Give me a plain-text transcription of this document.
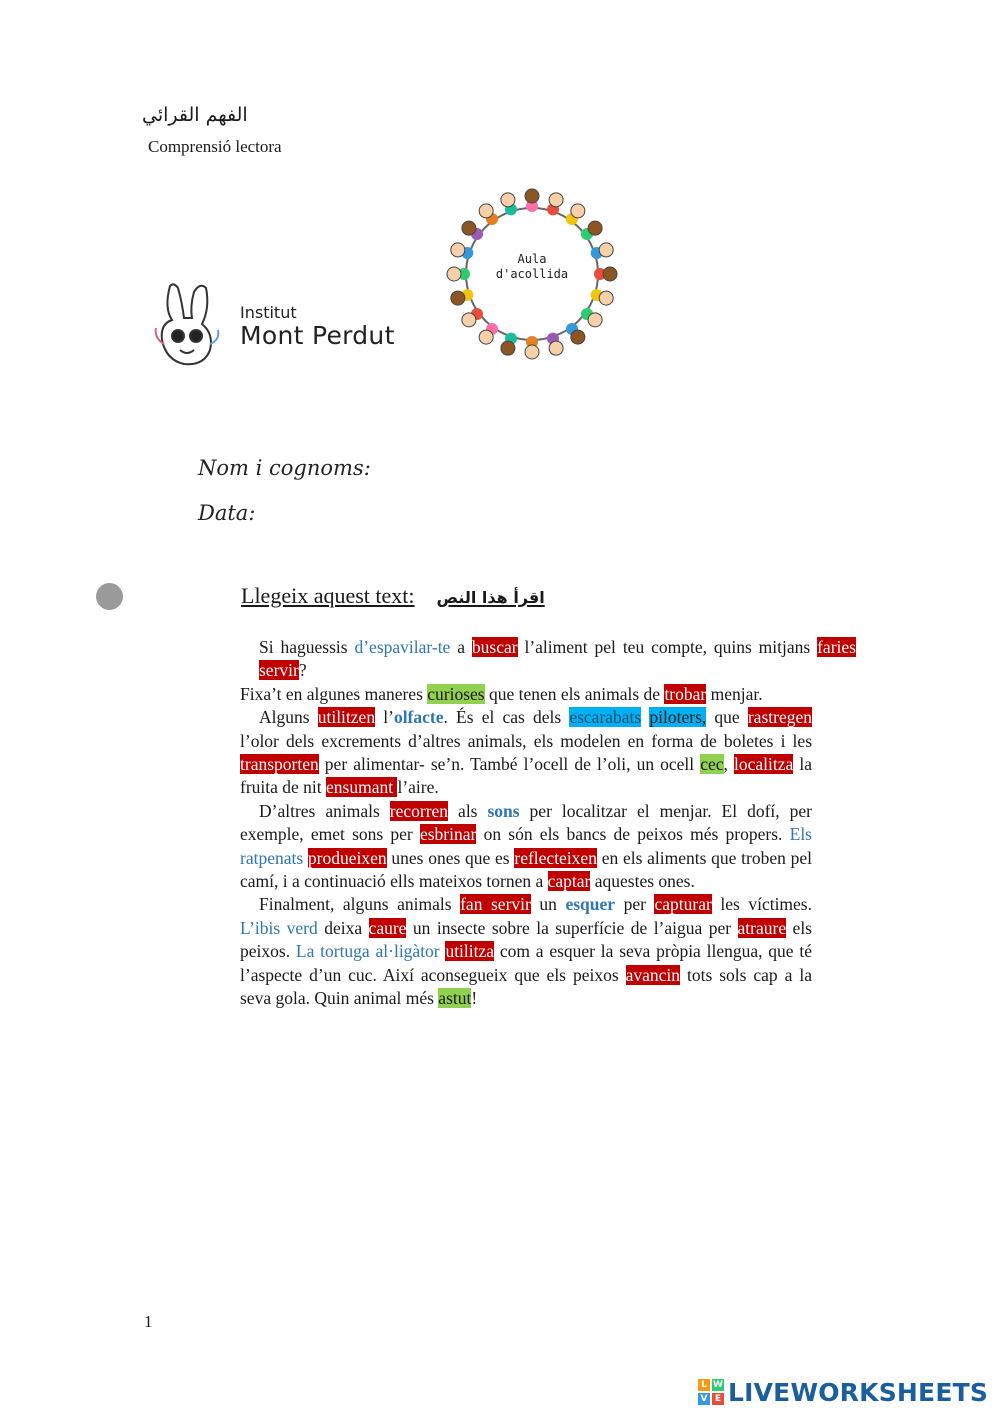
الفهم القرائي
Comprensió lectora
Institut
Mont Perdut
Aula
d'acollida
Nom i cognoms:
Data:
Llegeix aquest text: اقرأ هذا النص

Si haguessis d’espavilar-te a buscar l’aliment pel teu compte, quins mitjans faries servir?

Fixa’t en algunes maneres curioses que tenen els animals de trobar menjar.

Alguns utilitzen l’olfacte. És el cas dels escarabats piloters, que rastregen l’olor dels excrements d’altres animals, els modelen en forma de boletes i les transporten per alimentar- se’n. També l’ocell de l’oli, un ocell cec, localitza la fruita de nit ensumant l’aire.

D’altres animals recorren als sons per localitzar el menjar. El dofí, per exemple, emet sons per esbrinar on són els bancs de peixos més propers. Els ratpenats produeixen unes ones que es reflecteixen en els aliments que troben pel camí, i a continuació ells mateixos tornen a captar aquestes ones.

Finalment, alguns animals fan servir un esquer per capturar les víctimes. L’ibis verd deixa caure un insecte sobre la superfície de l’aigua per atraure els peixos. La tortuga al·ligàtor utilitza com a esquer la seva pròpia llengua, que té l’aspecte d’un cuc. Així aconsegueix que els peixos avancin tots sols cap a la seva gola. Quin animal més astut!

1
L W
V E LIVEWORKSHEETS
